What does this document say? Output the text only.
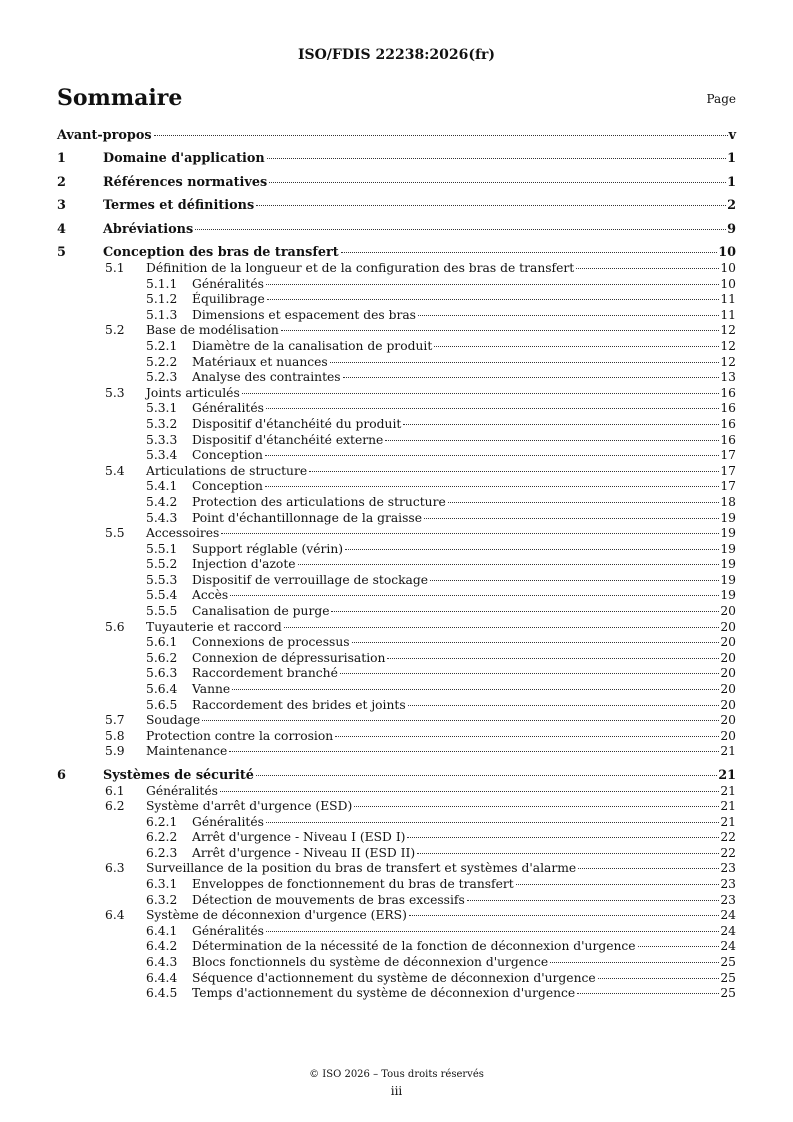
ISO/FDIS 22238:2026(fr)
Sommaire	Page
Avant-propos	v
1	Domaine d'application	1
2	Références normatives	1
3	Termes et définitions	2
4	Abréviations	9
5	Conception des bras de transfert	10
5.1 Définition de la longueur et de la configuration des bras de transfert	10
5.1.1 Généralités	10
5.1.2 Équilibrage	11
5.1.3 Dimensions et espacement des bras	11
5.2 Base de modélisation	12
5.2.1 Diamètre de la canalisation de produit	12
5.2.2 Matériaux et nuances	12
5.2.3 Analyse des contraintes	13
5.3 Joints articulés	16
5.3.1 Généralités	16
5.3.2 Dispositif d'étanchéité du produit	16
5.3.3 Dispositif d'étanchéité externe	16
5.3.4 Conception	17
5.4 Articulations de structure	17
5.4.1 Conception	17
5.4.2 Protection des articulations de structure	18
5.4.3 Point d'échantillonnage de la graisse	19
5.5 Accessoires	19
5.5.1 Support réglable (vérin)	19
5.5.2 Injection d'azote	19
5.5.3 Dispositif de verrouillage de stockage	19
5.5.4 Accès	19
5.5.5 Canalisation de purge	20
5.6 Tuyauterie et raccord	20
5.6.1 Connexions de processus	20
5.6.2 Connexion de dépressurisation	20
5.6.3 Raccordement branché	20
5.6.4 Vanne	20
5.6.5 Raccordement des brides et joints	20
5.7 Soudage	20
5.8 Protection contre la corrosion	20
5.9 Maintenance	21
6	Systèmes de sécurité	21
6.1 Généralités	21
6.2 Système d'arrêt d'urgence (ESD)	21
6.2.1 Généralités	21
6.2.2 Arrêt d'urgence - Niveau I (ESD I)	22
6.2.3 Arrêt d'urgence - Niveau II (ESD II)	22
6.3 Surveillance de la position du bras de transfert et systèmes d'alarme	23
6.3.1 Enveloppes de fonctionnement du bras de transfert	23
6.3.2 Détection de mouvements de bras excessifs	23
6.4 Système de déconnexion d'urgence (ERS)	24
6.4.1 Généralités	24
6.4.2 Détermination de la nécessité de la fonction de déconnexion d'urgence	24
6.4.3 Blocs fonctionnels du système de déconnexion d'urgence	25
6.4.4 Séquence d'actionnement du système de déconnexion d'urgence	25
6.4.5 Temps d'actionnement du système de déconnexion d'urgence	25
© ISO 2026 – Tous droits réservés
iii
